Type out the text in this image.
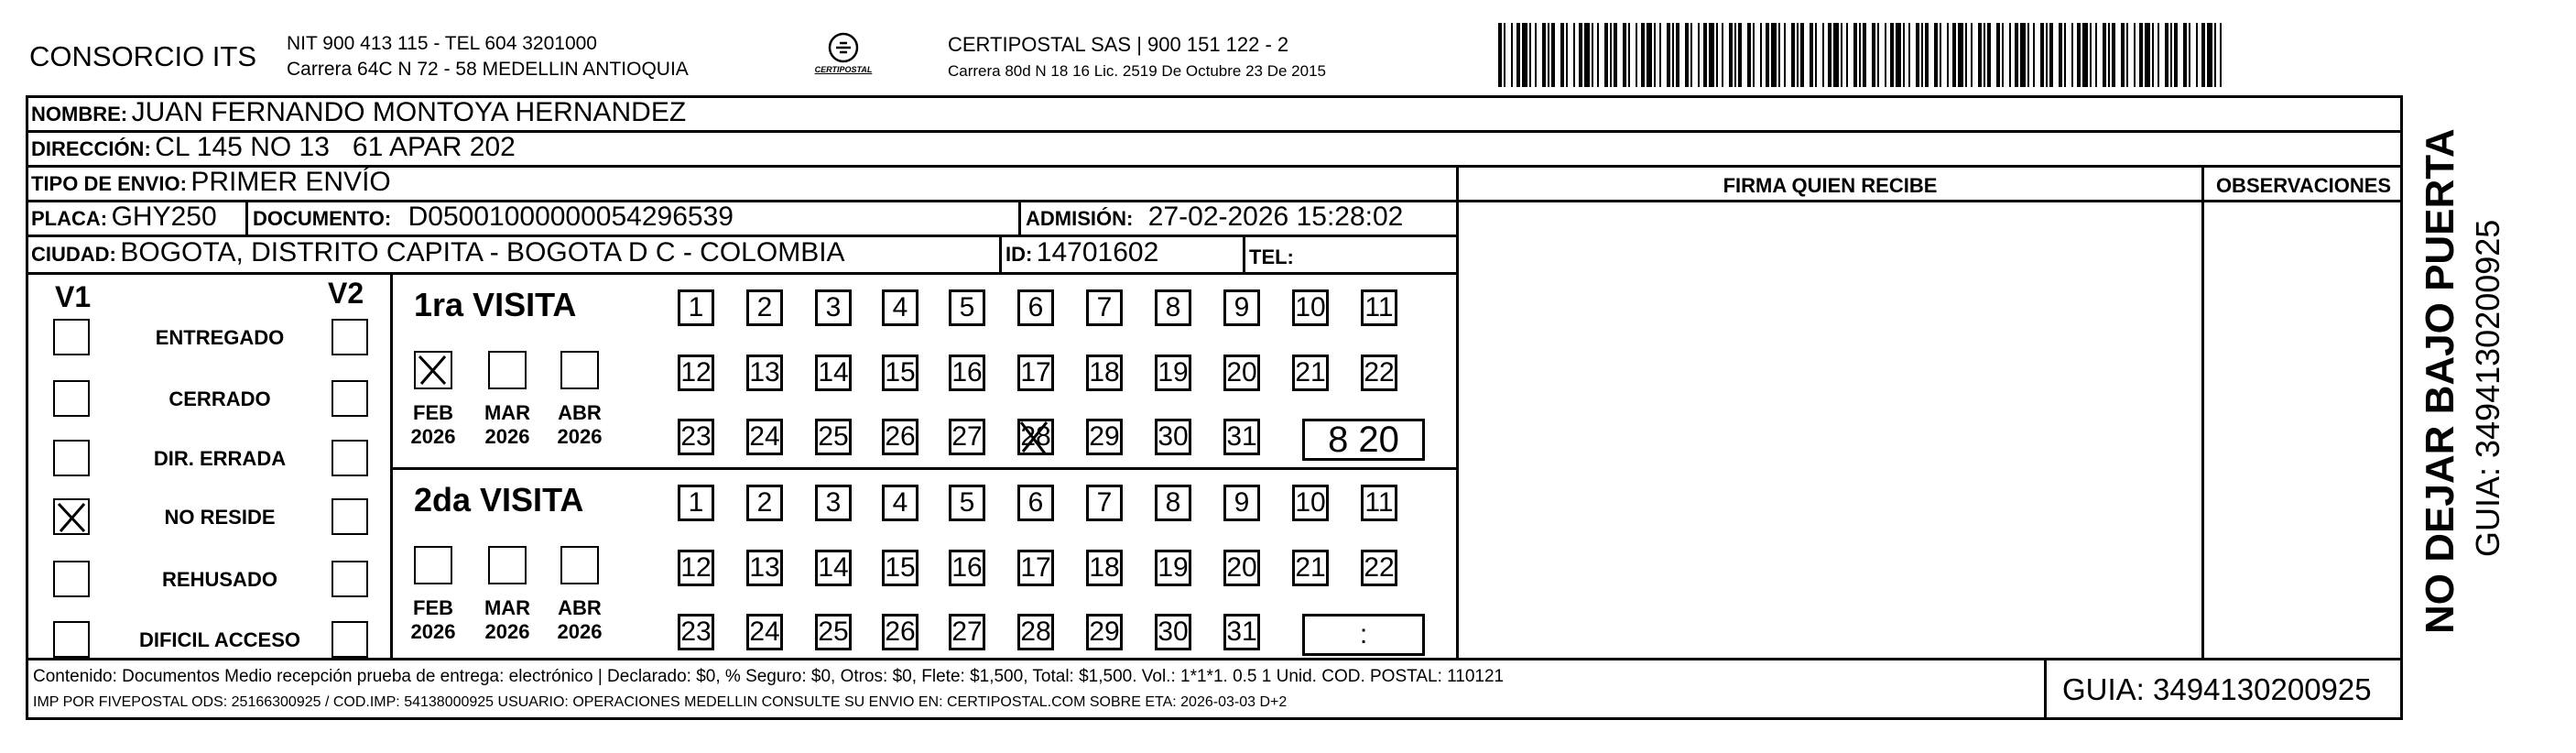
CONSORCIO ITS NIT 900 413 115 - TEL 604 3201000
Carrera 64C N 72 - 58 MEDELLIN ANTIOQUIA	CERTIPOSTAL
CERTIPOSTAL SAS | 900 151 122 - 2
Carrera 80d N 18 16 Lic. 2519 De Octubre 23 De 2015
NOMBRE: JUAN FERNANDO MONTOYA HERNANDEZ
DIRECCIÓN: CL 145 NO 13   61 APAR 202
TIPO DE ENVIO: PRIMER ENVÍO
PLACA: GHY250 DOCUMENTO: D05001000000054296539	ADMISIÓN: 27-02-2026 15:28:02
CIUDAD: BOGOTA, DISTRITO CAPITA - BOGOTA D C - COLOMBIA	ID: 14701602	TEL:
FIRMA QUIEN RECIBE	OBSERVACIONES
V1	V2
ENTREGADO
CERRADO
DIR. ERRADA
NO RESIDE
REHUSADO
DIFICIL ACCESO
1ra VISITA
FEB
2026
MAR
2026
ABR
2026
1 2 3 4 5 6 7 8 9 10 11
12 13 14 15 16 17 18 19 20 21 22
23 24 25 26 27 28 29 30 31 8 20
2da VISITA
FEB
2026
MAR
2026
ABR
2026
1 2 3 4 5 6 7 8 9 10 11
12 13 14 15 16 17 18 19 20 21 22
23 24 25 26 27 28 29 30 31	:
Contenido: Documentos Medio recepción prueba de entrega: electrónico | Declarado: $0, % Seguro: $0, Otros: $0, Flete: $1,500, Total: $1,500. Vol.: 1*1*1. 0.5 1 Unid. COD. POSTAL: 110121
IMP POR FIVEPOSTAL ODS: 25166300925 / COD.IMP: 54138000925 USUARIO: OPERACIONES MEDELLIN CONSULTE SU ENVIO EN: CERTIPOSTAL.COM SOBRE ETA: 2026-03-03 D+2	GUIA: 3494130200925
NO DEJAR BAJO PUERTA GUIA: 3494130200925
